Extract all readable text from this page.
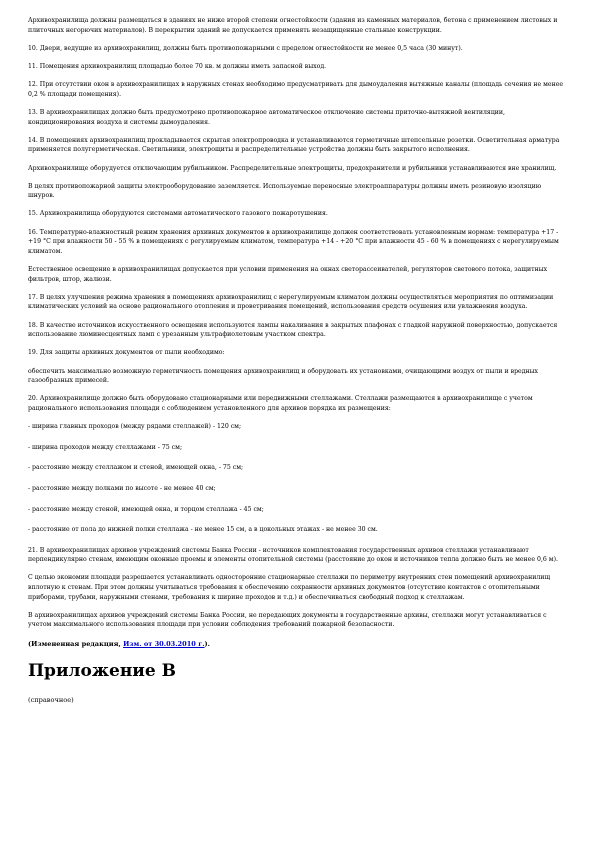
Архивохранилища должны размещаться в зданиях не ниже второй степени огнестойкости (здания из каменных материалов, бетона с применением листовых и плиточных негорючих материалов). В перекрытии зданий не допускается применять незащищенные стальные конструкции.

10. Двери, ведущие из архивохранилищ, должны быть противопожарными с пределом огнестойкости не менее 0,5 часа (30 минут).

11. Помещения архивохранилищ площадью более 70 кв. м должны иметь запасной выход.

12. При отсутствии окон в архивохранилищах в наружных стенах необходимо предусматривать для дымоудаления вытяжные каналы (площадь сечения не менее 0,2 % площади помещения).

13. В архивохранилищах должно быть предусмотрено противопожарное автоматическое отключение системы приточно-вытяжной вентиляции, кондиционирования воздуха и системы дымоудаления.

14. В помещениях архивохранилищ прокладывается скрытая электропроводка и устанавливаются герметичные штепсельные розетки. Осветительная арматура применяется полугерметическая. Светильники, электрощиты и распределительные устройства должны быть закрытого исполнения.

Архивохранилище оборудуется отключающим рубильником. Распределительные электрощиты, предохранители и рубильники устанавливаются вне хранилищ.

В целях противопожарной защиты электрооборудование заземляется. Используемые переносные электроаппаратуры должны иметь резиновую изоляцию шнуров.

15. Архивохранилища оборудуются системами автоматического газового пожаротушения.

16. Температурно-влажностный режим хранения архивных документов в архивохранилище должен соответствовать установленным нормам: температура +17 - +19 °С при влажности 50 - 55 % в помещениях с регулируемым климатом, температура +14 - +20 °С при влажности 45 - 60 % в помещениях с нерегулируемым климатом.

Естественное освещение в архивохранилищах допускается при условии применения на окнах светорассеивателей, регуляторов светового потока, защитных фильтров, штор, жалюзи.

17. В целях улучшения режима хранения в помещениях архивохранилищ с нерегулируемым климатом должны осуществляться мероприятия по оптимизации климатических условий на основе рационального отопления и проветривания помещений, использования средств осушения или увлажнения воздуха.

18. В качестве источников искусственного освещения используются лампы накаливания в закрытых плафонах с гладкой наружной поверхностью, допускается использование люминесцентных ламп с урезанным ультрафиолетовым участком спектра.

19. Для защиты архивных документов от пыли необходимо:

обеспечить максимально возможную герметичность помещения архивохранилищ и оборудовать их установками, очищающими воздух от пыли и вредных газообразных примесей.

20. Архивохранилище должно быть оборудовано стационарными или передвижными стеллажами. Стеллажи размещаются в архивохранилище с учетом рационального использования площади с соблюдением установленного для архивов порядка их размещения:

- ширина главных проходов (между рядами стеллажей) - 120 см;

- ширина проходов между стеллажами - 75 см;

- расстояние между стеллажом и стеной, имеющей окна, - 75 см;

- расстояние между полками по высоте - не менее 40 см;

- расстояние между стеной, имеющей окна, и торцом стеллажа - 45 см;

- расстояние от пола до нижней полки стеллажа - не менее 15 см, а в цокольных этажах - не менее 30 см.

21. В архивохранилищах архивов учреждений системы Банка России - источников комплектования государственных архивов стеллажи устанавливают перпендикулярно стенам, имеющим оконные проемы и элементы отопительной системы (расстояние до окон и источников тепла должно быть не менее 0,6 м).

С целью экономии площади разрешается устанавливать односторонние стационарные стеллажи по периметру внутренних стен помещений архивохранилищ вплотную к стенам. При этом должны учитываться требования к обеспечению сохранности архивных документов (отсутствие контактов с отопительными приборами, трубами, наружными стенами, требования к ширине проходов и т.д.) и обеспечиваться свободный подход к стеллажам.

В архивохранилищах архивов учреждений системы Банка России, не передающих документы в государственные архивы, стеллажи могут устанавливаться с учетом максимального использования площади при условии соблюдения требований пожарной безопасности.

(Измененная редакция, Изм. от 30.03.2010 г.).

Приложение В

(справочное)
